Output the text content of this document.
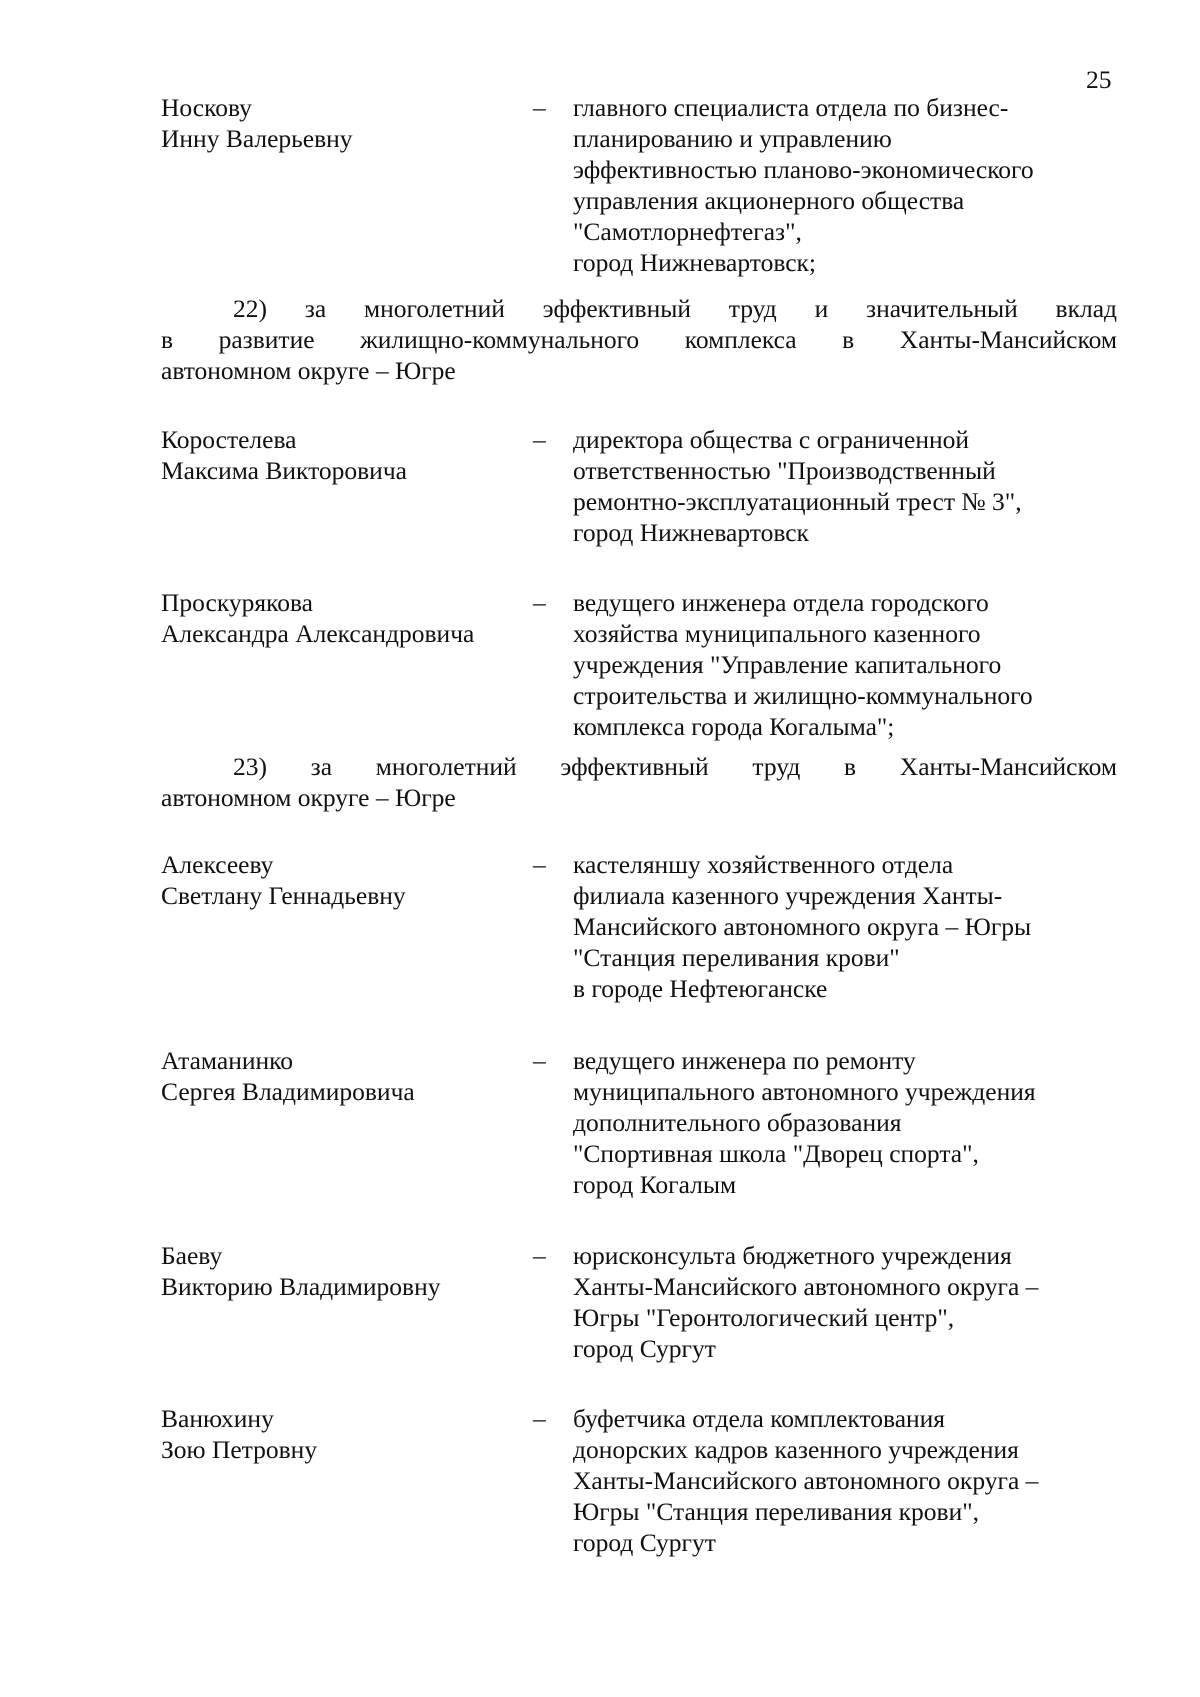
25
Носкову
Инну Валерьевну
– главного специалиста отдела по бизнес-
планированию и управлению
эффективностью планово-экономического
управления акционерного общества
"Самотлорнефтегаз",
город Нижневартовск;
22) за многолетний эффективный труд и значительный вклад
в развитие жилищно-коммунального комплекса в Ханты-Мансийском
автономном округе – Югре
Коростелева
Максима Викторовича
– директора общества с ограниченной
ответственностью "Производственный
ремонтно-эксплуатационный трест № 3",
город Нижневартовск
Проскурякова
Александра Александровича
– ведущего инженера отдела городского
хозяйства муниципального казенного
учреждения "Управление капитального
строительства и жилищно-коммунального
комплекса города Когалыма";
23) за многолетний эффективный труд в Ханты-Мансийском
автономном округе – Югре
Алексееву
Светлану Геннадьевну
– кастеляншу хозяйственного отдела
филиала казенного учреждения Ханты-
Мансийского автономного округа – Югры
"Станция переливания крови"
в городе Нефтеюганске
Атаманинко
Сергея Владимировича
– ведущего инженера по ремонту
муниципального автономного учреждения
дополнительного образования
"Спортивная школа "Дворец спорта",
город Когалым
Баеву
Викторию Владимировну
– юрисконсульта бюджетного учреждения
Ханты-Мансийского автономного округа –
Югры "Геронтологический центр",
город Сургут
Ванюхину
Зою Петровну
– буфетчика отдела комплектования
донорских кадров казенного учреждения
Ханты-Мансийского автономного округа –
Югры "Станция переливания крови",
город Сургут
